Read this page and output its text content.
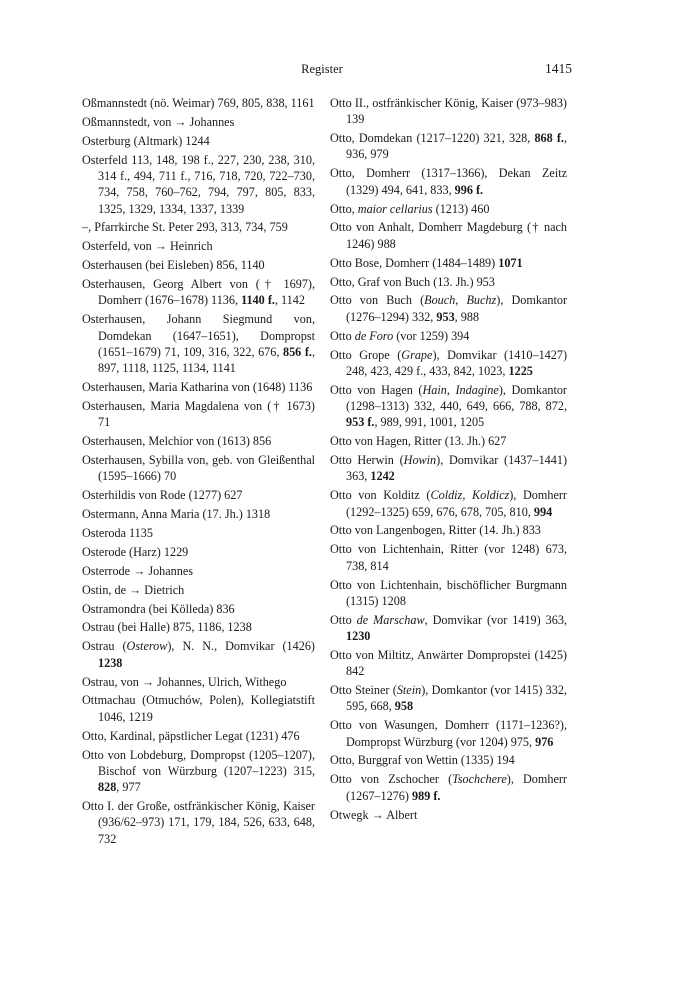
Register	1415
Oßmannstedt (nö. Weimar) 769, 805, 838, 1161
Oßmannstedt, von → Johannes
Osterburg (Altmark) 1244
Osterfeld 113, 148, 198 f., 227, 230, 238, 310, 314 f., 494, 711 f., 716, 718, 720, 722–730, 734, 758, 760–762, 794, 797, 805, 833, 1325, 1329, 1334, 1337, 1339
–, Pfarrkirche St. Peter 293, 313, 734, 759
Osterfeld, von → Heinrich
Osterhausen (bei Eisleben) 856, 1140
Osterhausen, Georg Albert von († 1697), Domherr (1676–1678) 1136, 1140 f., 1142
Osterhausen, Johann Siegmund von, Domdekan (1647–1651), Dompropst (1651–1679) 71, 109, 316, 322, 676, 856 f., 897, 1118, 1125, 1134, 1141
Osterhausen, Maria Katharina von (1648) 1136
Osterhausen, Maria Magdalena von († 1673) 71
Osterhausen, Melchior von (1613) 856
Osterhausen, Sybilla von, geb. von Gleißenthal (1595–1666) 70
Osterhildis von Rode (1277) 627
Ostermann, Anna Maria (17. Jh.) 1318
Osteroda 1135
Osterode (Harz) 1229
Osterrode → Johannes
Ostin, de → Dietrich
Ostramondra (bei Kölleda) 836
Ostrau (bei Halle) 875, 1186, 1238
Ostrau (Osterow), N. N., Domvikar (1426) 1238
Ostrau, von → Johannes, Ulrich, Withego
Ottmachau (Otmuchów, Polen), Kollegiatstift 1046, 1219
Otto, Kardinal, päpstlicher Legat (1231) 476
Otto von Lobdeburg, Dompropst (1205–1207), Bischof von Würzburg (1207–1223) 315, 828, 977
Otto I. der Große, ostfränkischer König, Kaiser (936/62–973) 171, 179, 184, 526, 633, 648, 732
Otto II., ostfränkischer König, Kaiser (973–983) 139
Otto, Domdekan (1217–1220) 321, 328, 868 f., 936, 979
Otto, Domherr (1317–1366), Dekan Zeitz (1329) 494, 641, 833, 996 f.
Otto, maior cellarius (1213) 460
Otto von Anhalt, Domherr Magdeburg († nach 1246) 988
Otto Bose, Domherr (1484–1489) 1071
Otto, Graf von Buch (13. Jh.) 953
Otto von Buch (Bouch, Buchz), Domkantor (1276–1294) 332, 953, 988
Otto de Foro (vor 1259) 394
Otto Grope (Grape), Domvikar (1410–1427) 248, 423, 429 f., 433, 842, 1023, 1225
Otto von Hagen (Hain, Indagine), Domkantor (1298–1313) 332, 440, 649, 666, 788, 872, 953 f., 989, 991, 1001, 1205
Otto von Hagen, Ritter (13. Jh.) 627
Otto Herwin (Howin), Domvikar (1437–1441) 363, 1242
Otto von Kolditz (Coldiz, Koldicz), Domherr (1292–1325) 659, 676, 678, 705, 810, 994
Otto von Langenbogen, Ritter (14. Jh.) 833
Otto von Lichtenhain, Ritter (vor 1248) 673, 738, 814
Otto von Lichtenhain, bischöflicher Burgmann (1315) 1208
Otto de Marschaw, Domvikar (vor 1419) 363, 1230
Otto von Miltitz, Anwärter Dompropstei (1425) 842
Otto Steiner (Stein), Domkantor (vor 1415) 332, 595, 668, 958
Otto von Wasungen, Domherr (1171–1236?), Dompropst Würzburg (vor 1204) 975, 976
Otto, Burggraf von Wettin (1335) 194
Otto von Zschocher (Tsochchere), Domherr (1267–1276) 989 f.
Otwegk → Albert
